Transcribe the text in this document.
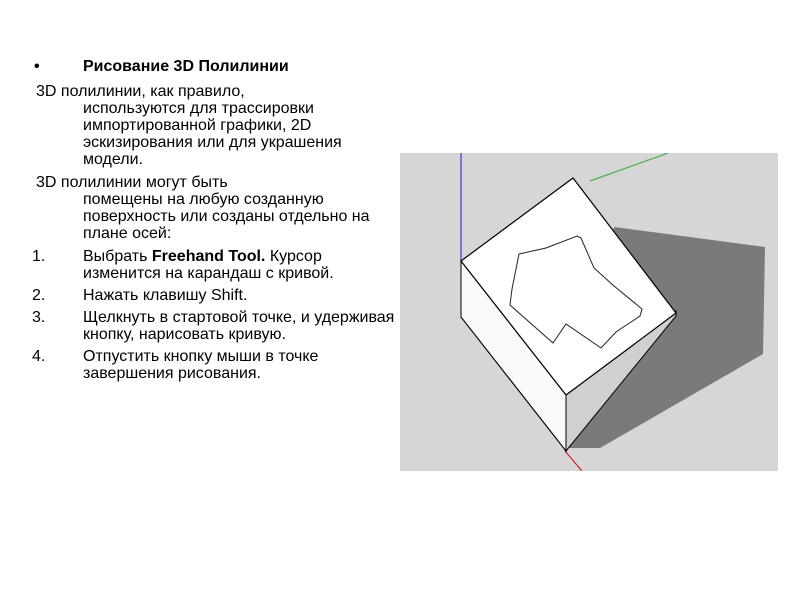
•	Рисование 3D Полилинии
3D полилинии, как правило,

используются для трассировки импортированной графики, 2D эскизирования или для украшения модели.
3D полилинии могут быть

помещены на любую созданную поверхность или созданы отдельно на плане осей:
1. Выбрать Freehand Tool. Курсор изменится на карандаш с кривой.
2. Нажать клавишу Shift.
3. Щелкнуть в стартовой точке, и удерживая кнопку, нарисовать кривую.
4. Отпустить кнопку мыши в точке завершения рисования.
